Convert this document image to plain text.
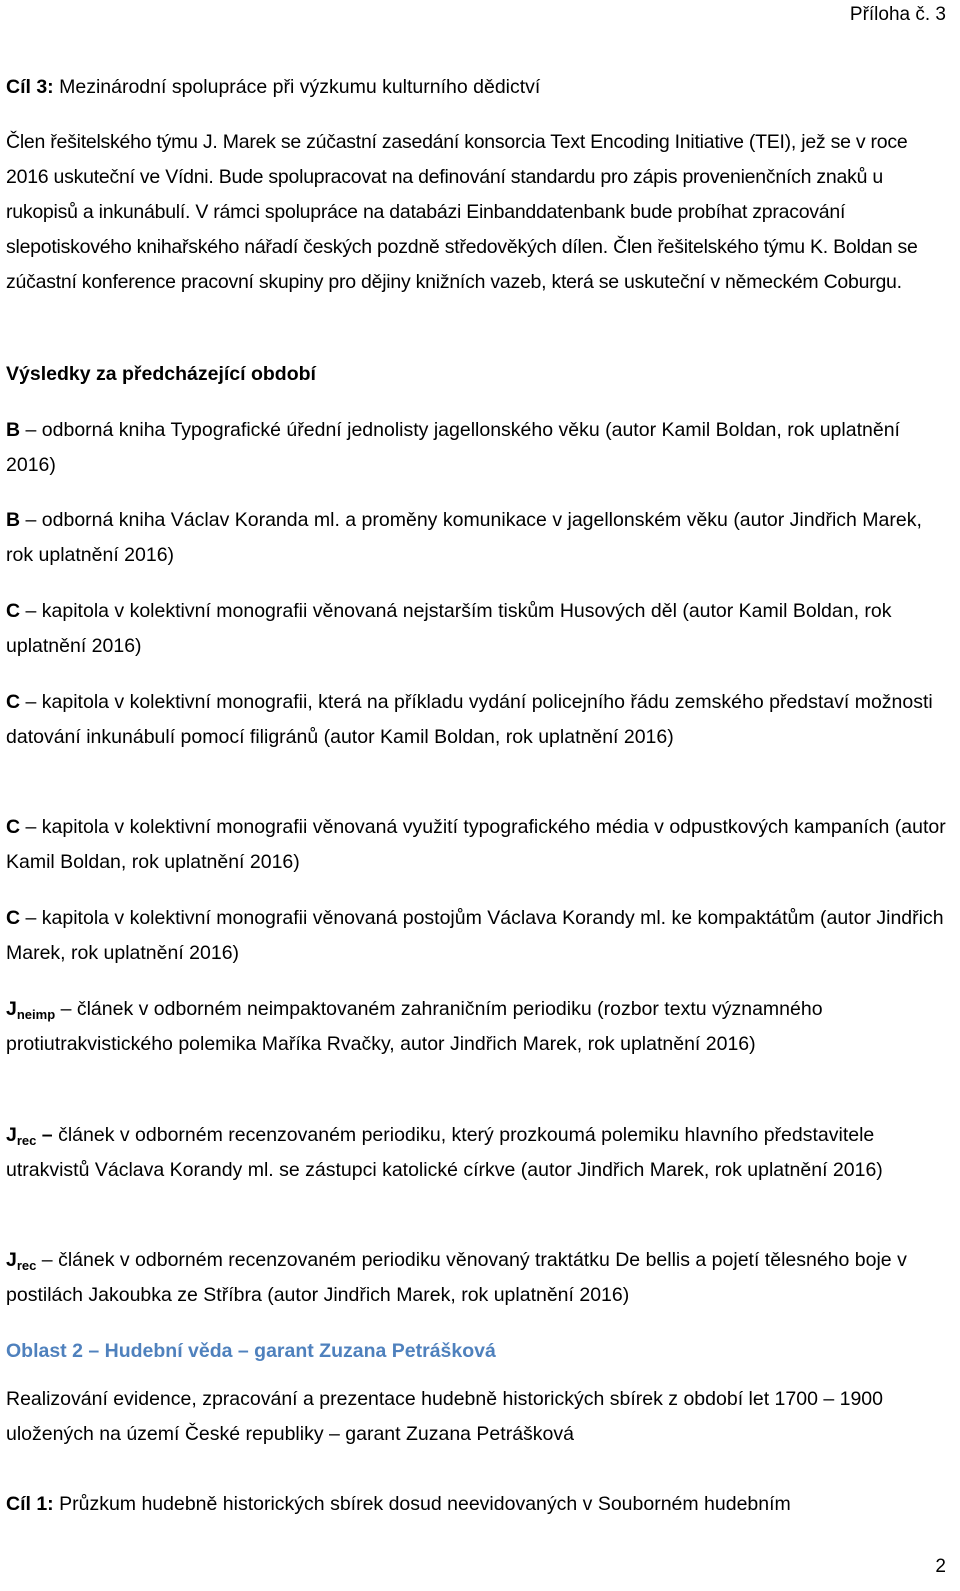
Příloha č. 3

Cíl 3: Mezinárodní spolupráce při výzkumu kulturního dědictví

Člen řešitelského týmu J. Marek se zúčastní zasedání konsorcia Text Encoding Initiative (TEI), jež se v roce 2016 uskuteční ve Vídni. Bude spolupracovat na definování standardu pro zápis provenienčních znaků u rukopisů a inkunábulí. V rámci spolupráce na databázi Einbanddatenbank bude probíhat zpracování slepotiskového knihařského nářadí českých pozdně středověkých dílen. Člen řešitelského týmu K. Boldan se zúčastní konference pracovní skupiny pro dějiny knižních vazeb, která se uskuteční v německém Coburgu.

Výsledky za předcházející období

B – odborná kniha Typografické úřední jednolisty jagellonského věku (autor Kamil Boldan, rok uplatnění 2016)

B – odborná kniha Václav Koranda ml. a proměny komunikace v jagellonském věku (autor Jindřich Marek, rok uplatnění 2016)

C – kapitola v kolektivní monografii věnovaná nejstarším tiskům Husových děl (autor Kamil Boldan, rok uplatnění 2016)

C – kapitola v kolektivní monografii, která na příkladu vydání policejního řádu zemského představí možnosti datování inkunábulí pomocí filigránů (autor Kamil Boldan, rok uplatnění 2016)

C – kapitola v kolektivní monografii věnovaná využití typografického média v odpustkových kampaních (autor Kamil Boldan, rok uplatnění 2016)

C – kapitola v kolektivní monografii věnovaná postojům Václava Korandy ml. ke kompaktátům (autor Jindřich Marek, rok uplatnění 2016)

$J_{neimp}$ – článek v odborném neimpaktovaném zahraničním periodiku (rozbor textu významného protiutrakvistického polemika Maříka Rvačky, autor Jindřich Marek, rok uplatnění 2016)

$J_{rec}$ – článek v odborném recenzovaném periodiku, který prozkoumá polemiku hlavního představitele utrakvistů Václava Korandy ml. se zástupci katolické církve (autor Jindřich Marek, rok uplatnění 2016)

$J_{rec}$ – článek v odborném recenzovaném periodiku věnovaný traktátku De bellis a pojetí tělesného boje v postilách Jakoubka ze Stříbra (autor Jindřich Marek, rok uplatnění 2016)

Oblast 2 – Hudební věda – garant Zuzana Petrášková

Realizování evidence, zpracování a prezentace hudebně historických sbírek z období let 1700 – 1900 uložených na území České republiky – garant Zuzana Petrášková

Cíl 1: Průzkum hudebně historických sbírek dosud neevidovaných v Souborném hudebním

2
